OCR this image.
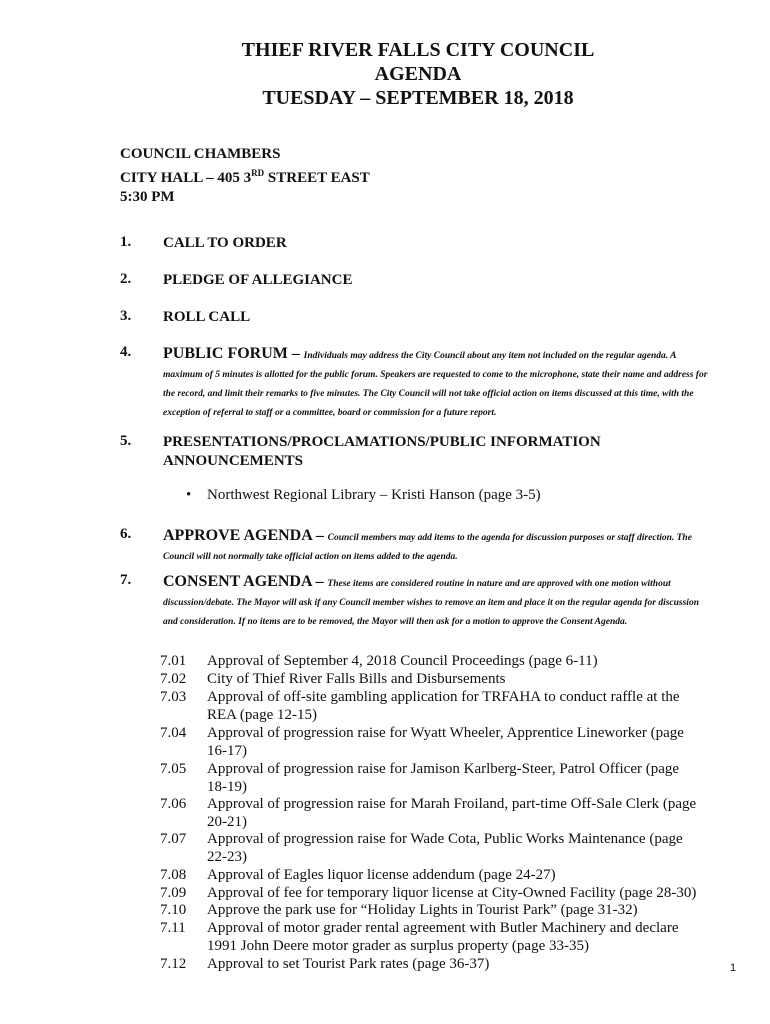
THIEF RIVER FALLS CITY COUNCIL
AGENDA
TUESDAY – SEPTEMBER 18, 2018
COUNCIL CHAMBERS
CITY HALL – 405 3RD STREET EAST
5:30 PM
1. CALL TO ORDER
2. PLEDGE OF ALLEGIANCE
3. ROLL CALL
4. PUBLIC FORUM – Individuals may address the City Council about any item not included on the regular agenda. A maximum of 5 minutes is allotted for the public forum. Speakers are requested to come to the microphone, state their name and address for the record, and limit their remarks to five minutes. The City Council will not take official action on items discussed at this time, with the exception of referral to staff or a committee, board or commission for a future report.
5. PRESENTATIONS/PROCLAMATIONS/PUBLIC INFORMATION
ANNOUNCEMENTS
• Northwest Regional Library – Kristi Hanson (page 3-5)
6. APPROVE AGENDA – Council members may add items to the agenda for discussion purposes or staff direction. The Council will not normally take official action on items added to the agenda.
7. CONSENT AGENDA – These items are considered routine in nature and are approved with one motion without discussion/debate. The Mayor will ask if any Council member wishes to remove an item and place it on the regular agenda for discussion and consideration. If no items are to be removed, the Mayor will then ask for a motion to approve the Consent Agenda.
7.01	Approval of September 4, 2018 Council Proceedings (page 6-11)
7.02	City of Thief River Falls Bills and Disbursements
7.03	Approval of off-site gambling application for TRFAHA to conduct raffle at the
REA (page 12-15)
7.04	Approval of progression raise for Wyatt Wheeler, Apprentice Lineworker (page
16-17)
7.05	Approval of progression raise for Jamison Karlberg-Steer, Patrol Officer (page
18-19)
7.06	Approval of progression raise for Marah Froiland, part-time Off-Sale Clerk (page
20-21)
7.07	Approval of progression raise for Wade Cota, Public Works Maintenance (page
22-23)
7.08	Approval of Eagles liquor license addendum (page 24-27)
7.09	Approval of fee for temporary liquor license at City-Owned Facility (page 28-30)
7.10	Approve the park use for “Holiday Lights in Tourist Park” (page 31-32)
7.11	Approval of motor grader rental agreement with Butler Machinery and declare
1991 John Deere motor grader as surplus property (page 33-35)
7.12	Approval to set Tourist Park rates (page 36-37)	1
